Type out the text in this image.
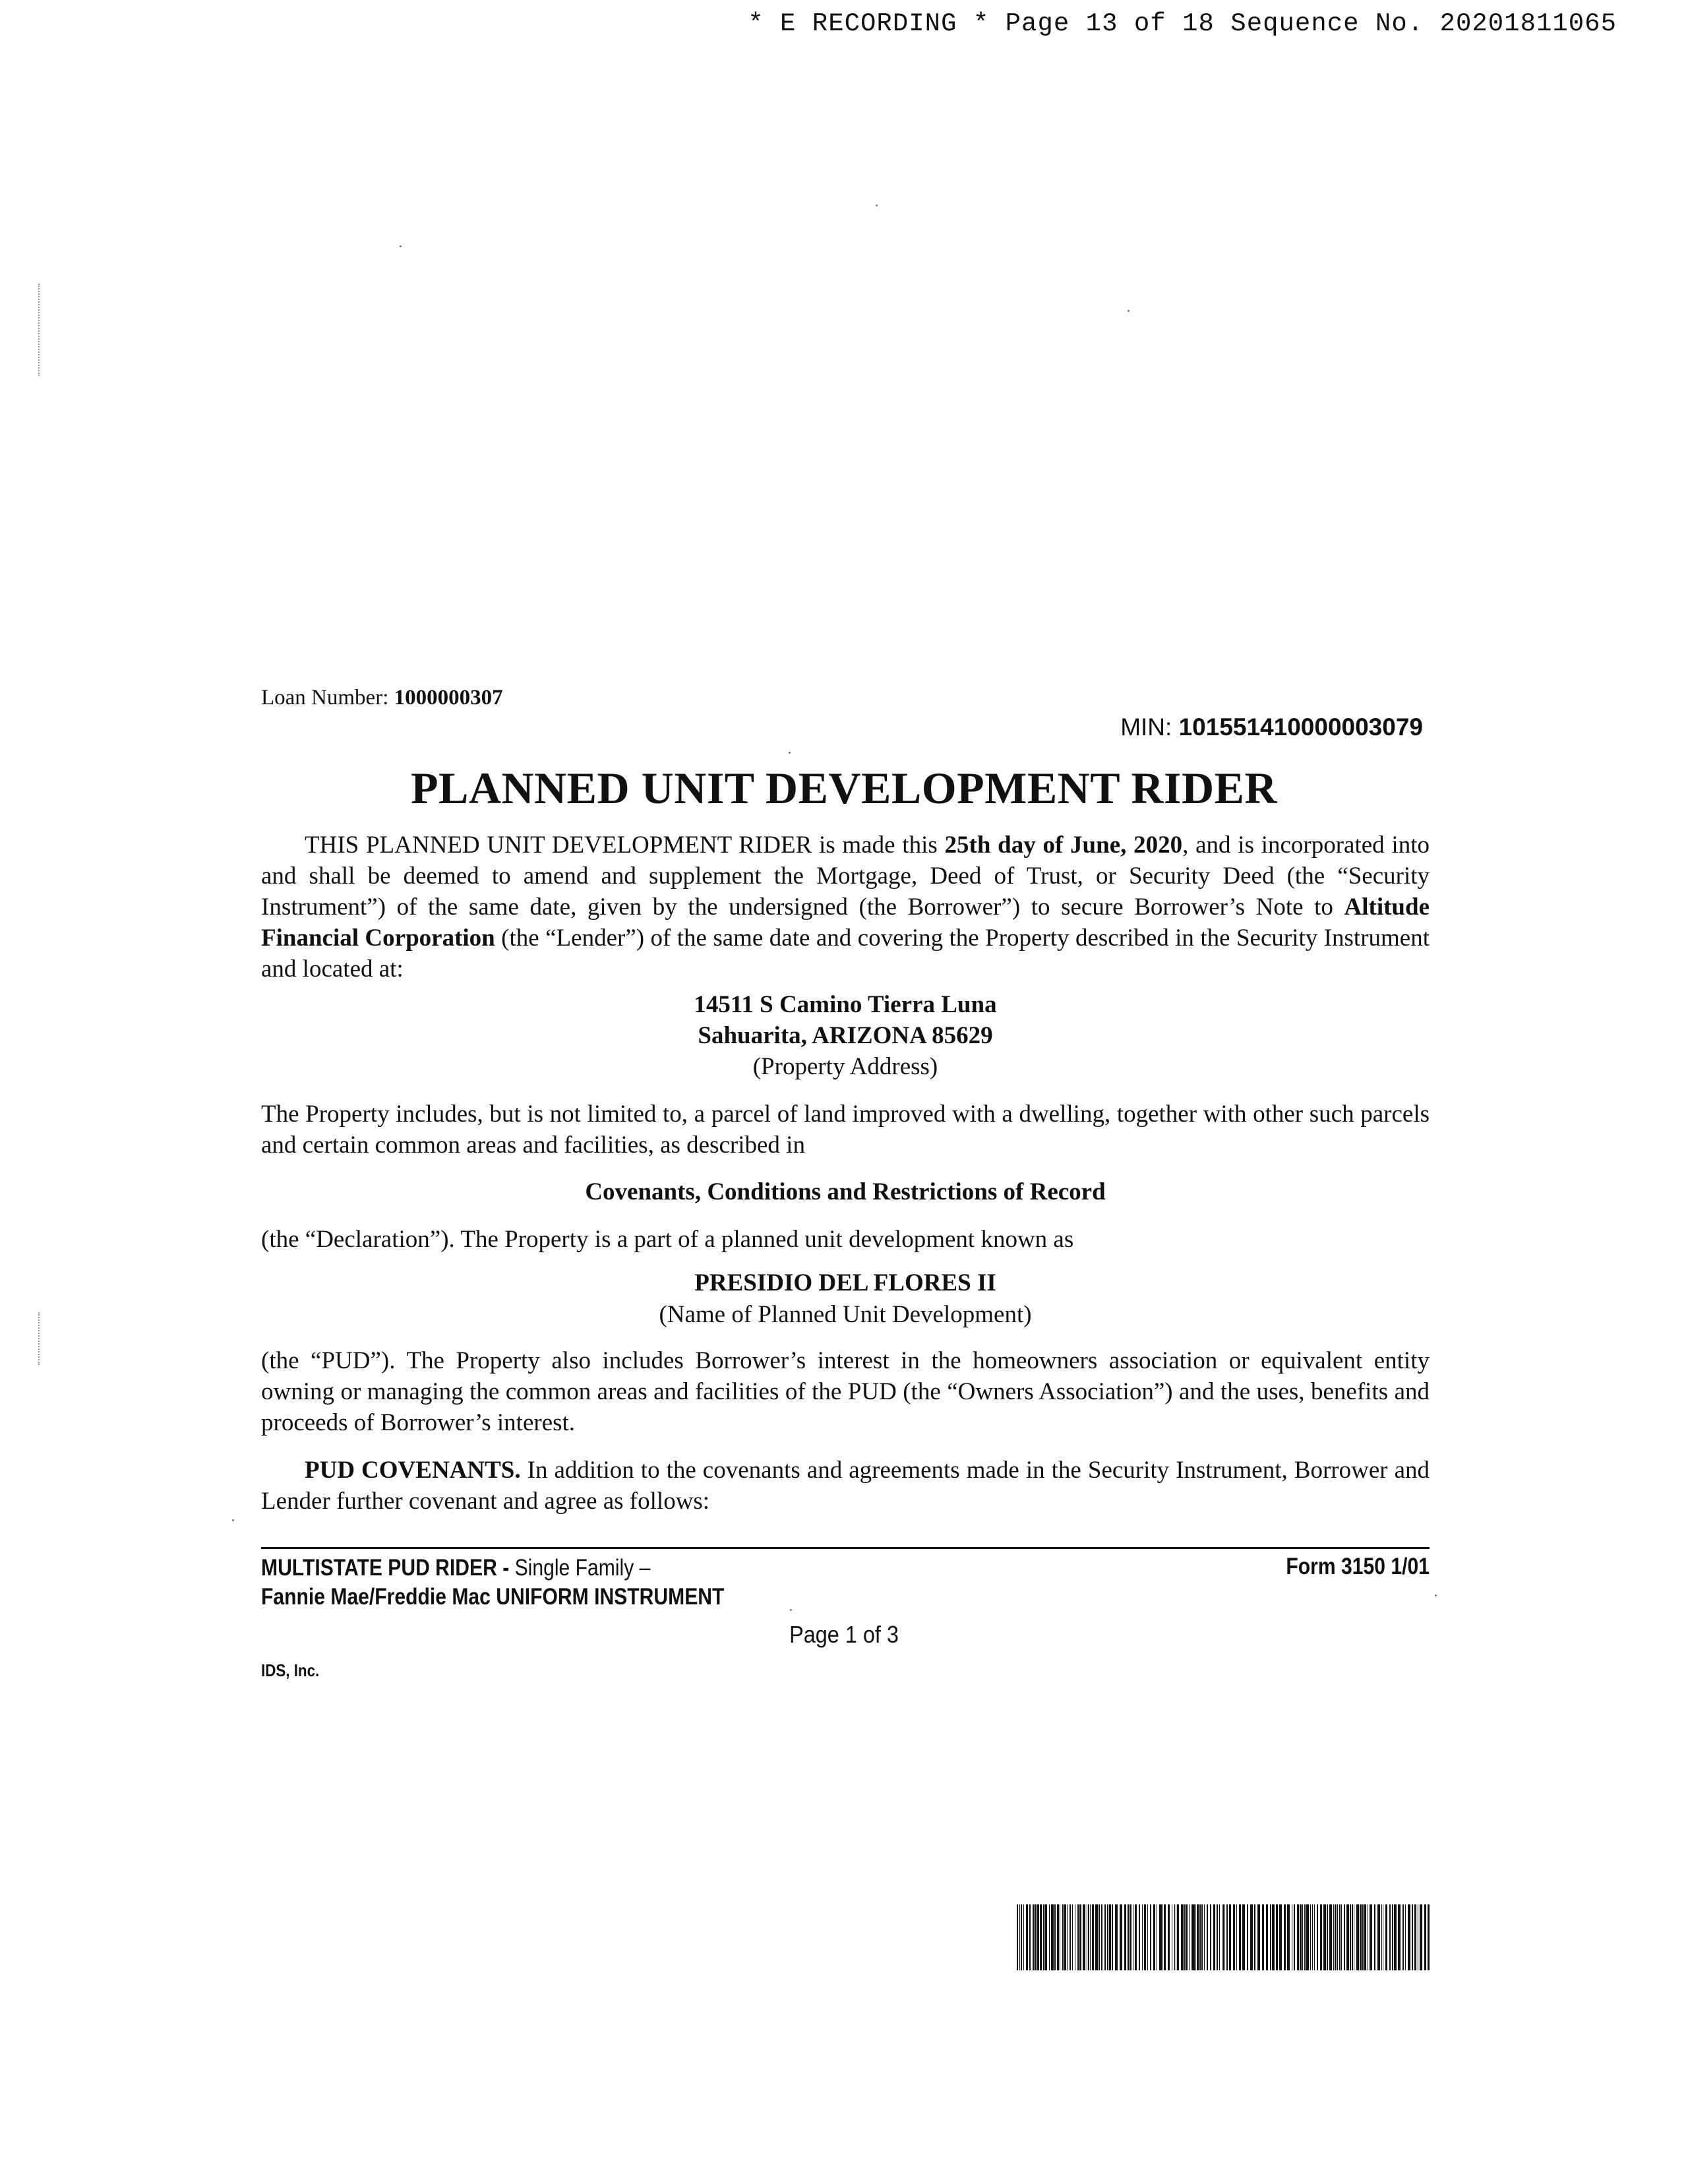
* E RECORDING * Page 13 of 18 Sequence No. 20201811065
Loan Number: 1000000307
MIN: 101551410000003079
PLANNED UNIT DEVELOPMENT RIDER
THIS PLANNED UNIT DEVELOPMENT RIDER is made this 25th day of June, 2020, and is incorporated into and shall be deemed to amend and supplement the Mortgage, Deed of Trust, or Security Deed (the “Security Instrument”) of the same date, given by the undersigned (the Borrower”) to secure Borrower’s Note to Altitude Financial Corporation (the “Lender”) of the same date and covering the Property described in the Security Instrument and located at:
14511 S Camino Tierra Luna
Sahuarita, ARIZONA 85629
(Property Address)
The Property includes, but is not limited to, a parcel of land improved with a dwelling, together with other such parcels and certain common areas and facilities, as described in
Covenants, Conditions and Restrictions of Record
(the “Declaration”). The Property is a part of a planned unit development known as
PRESIDIO DEL FLORES II
(Name of Planned Unit Development)
(the “PUD”). The Property also includes Borrower’s interest in the homeowners association or equivalent entity owning or managing the common areas and facilities of the PUD (the “Owners Association”) and the uses, benefits and proceeds of Borrower’s interest.
PUD COVENANTS. In addition to the covenants and agreements made in the Security Instrument, Borrower and Lender further covenant and agree as follows:
MULTISTATE PUD RIDER - Single Family –
Fannie Mae/Freddie Mac UNIFORM INSTRUMENT
Form 3150 1/01
Page 1 of 3
IDS, Inc.
